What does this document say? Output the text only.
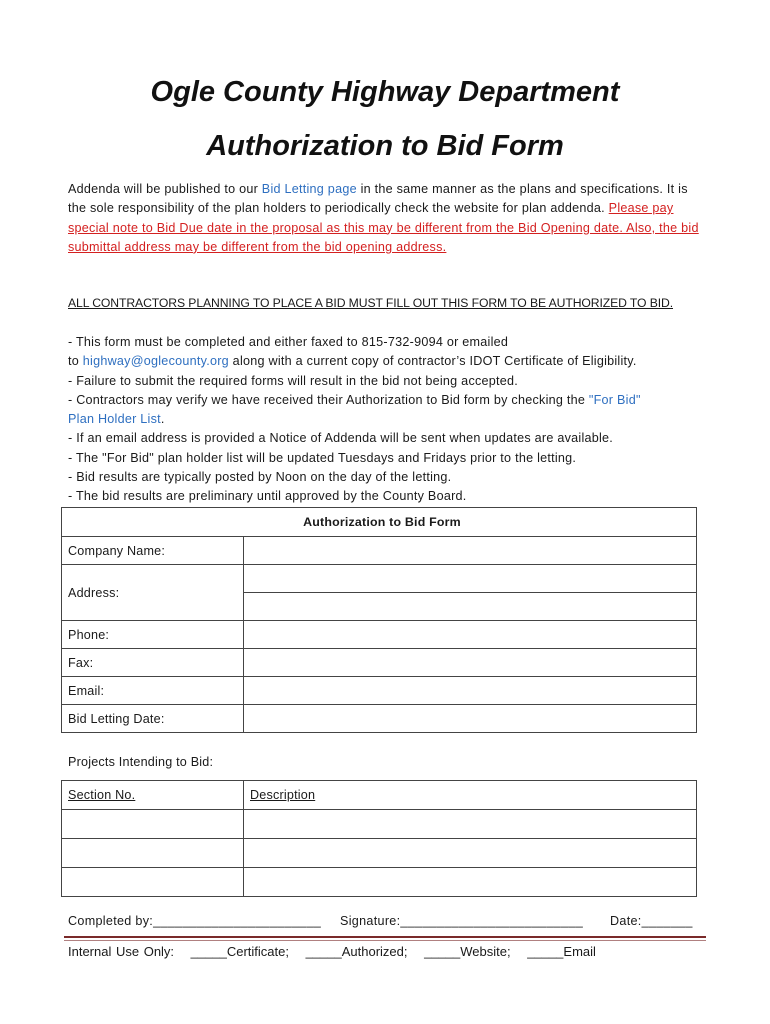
Ogle County Highway Department
Authorization to Bid Form
Addenda will be published to our Bid Letting page in the same manner as the plans and specifications. It is the sole responsibility of the plan holders to periodically check the website for plan addenda. Please pay special note to Bid Due date in the proposal as this may be different from the Bid Opening date. Also, the bid submittal address may be different from the bid opening address.
ALL CONTRACTORS PLANNING TO PLACE A BID MUST FILL OUT THIS FORM TO BE AUTHORIZED TO BID.
- This form must be completed and either faxed to 815-732-9094 or emailed
to highway@oglecounty.org along with a current copy of contractor’s IDOT Certificate of Eligibility.
- Failure to submit the required forms will result in the bid not being accepted.
- Contractors may verify we have received their Authorization to Bid form by checking the "For Bid"
Plan Holder List.
- If an email address is provided a Notice of Addenda will be sent when updates are available.
- The "For Bid" plan holder list will be updated Tuesdays and Fridays prior to the letting.
- Bid results are typically posted by Noon on the day of the letting.
- The bid results are preliminary until approved by the County Board.
Authorization to Bid Form	
Company Name:	
Address:	

Phone:	
Fax:	
Email:	
Bid Letting Date:	
Projects Intending to Bid:
Section No.	Description

Completed by:_______________________ Signature:_________________________ Date:_______
Internal Use Only: _____Certificate; _____Authorized; _____Website; _____Email
